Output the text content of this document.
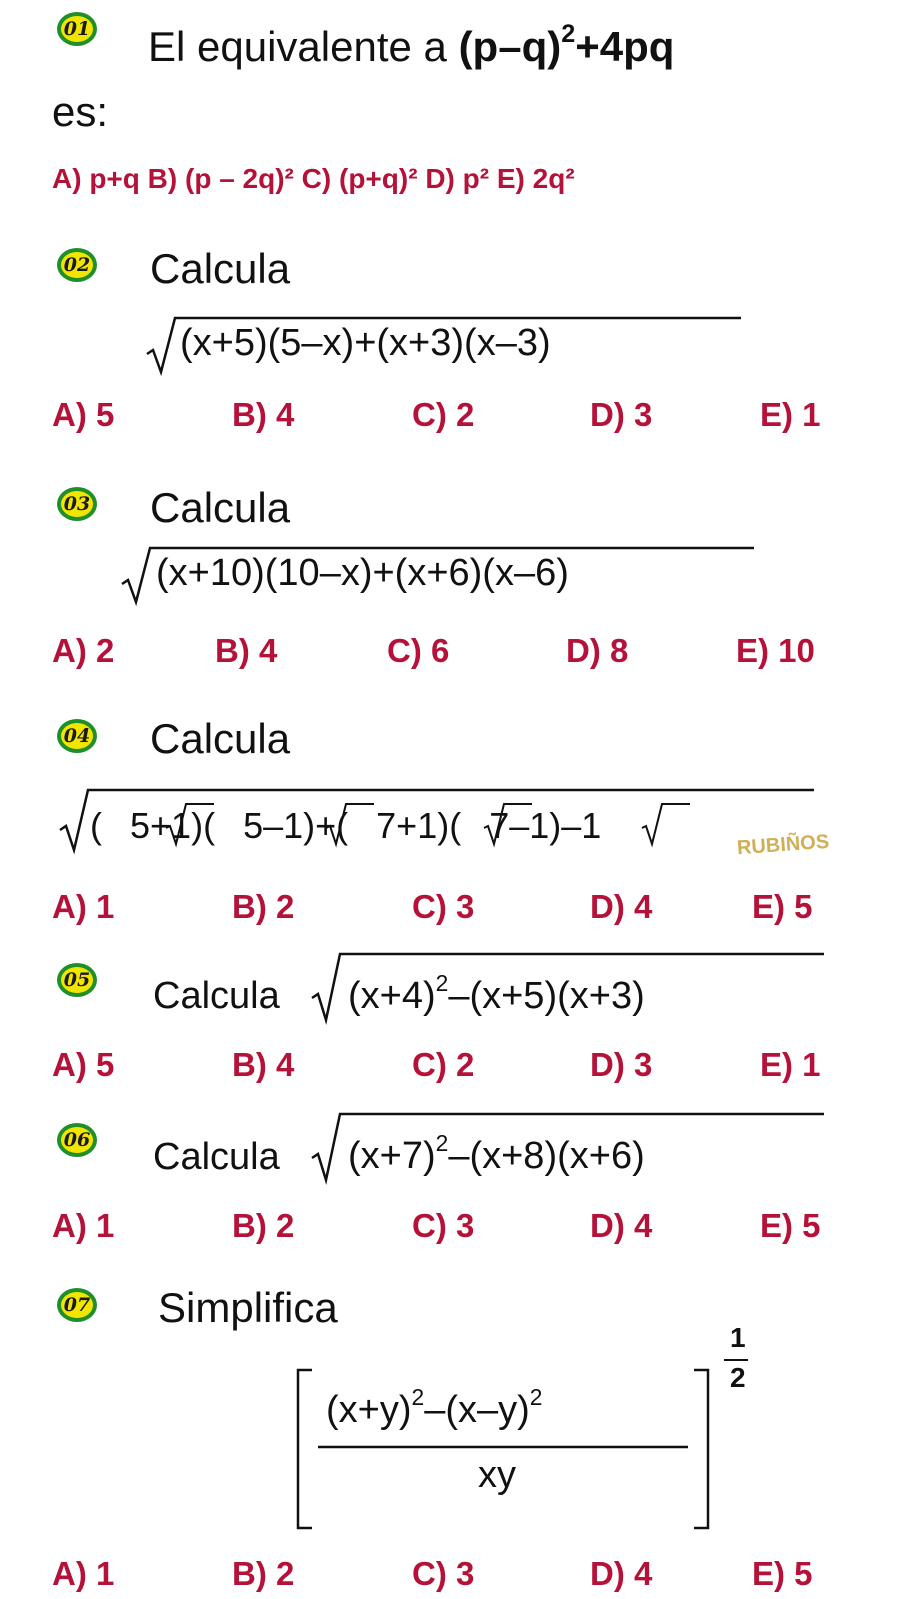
01 El equivalente a $(p-q)^2+4pq$
es:
A) p+q B) (p – 2q)² C) (p+q)² D) p² E) 2q²
02 Calcula
(x+5)(5–x)+(x+3)(x–3)
A) 5	B) 4	C) 2	D) 3	E) 1
03 Calcula
(x+10)(10–x)+(x+6)(x–6)
A) 2	B) 4	C) 6	D) 8	E) 10
04 Calcula
( 5+1)( 5–1)+( 7+1)( 7–1)–1
A) 1	B) 2	C) 3	D) 4	E) 5
RUBIÑOS
05 Calcula $(x+4)^2-(x+5)(x+3)$
A) 5	B) 4	C) 2	D) 3	E) 1
06 Calcula $(x+7)^2-(x+8)(x+6)$
A) 1	B) 2	C) 3	D) 4	E) 5
07 Simplifica
$(x+y)^2-(x-y)^2$
xy
1
2
A) 1	B) 2	C) 3	D) 4	E) 5
